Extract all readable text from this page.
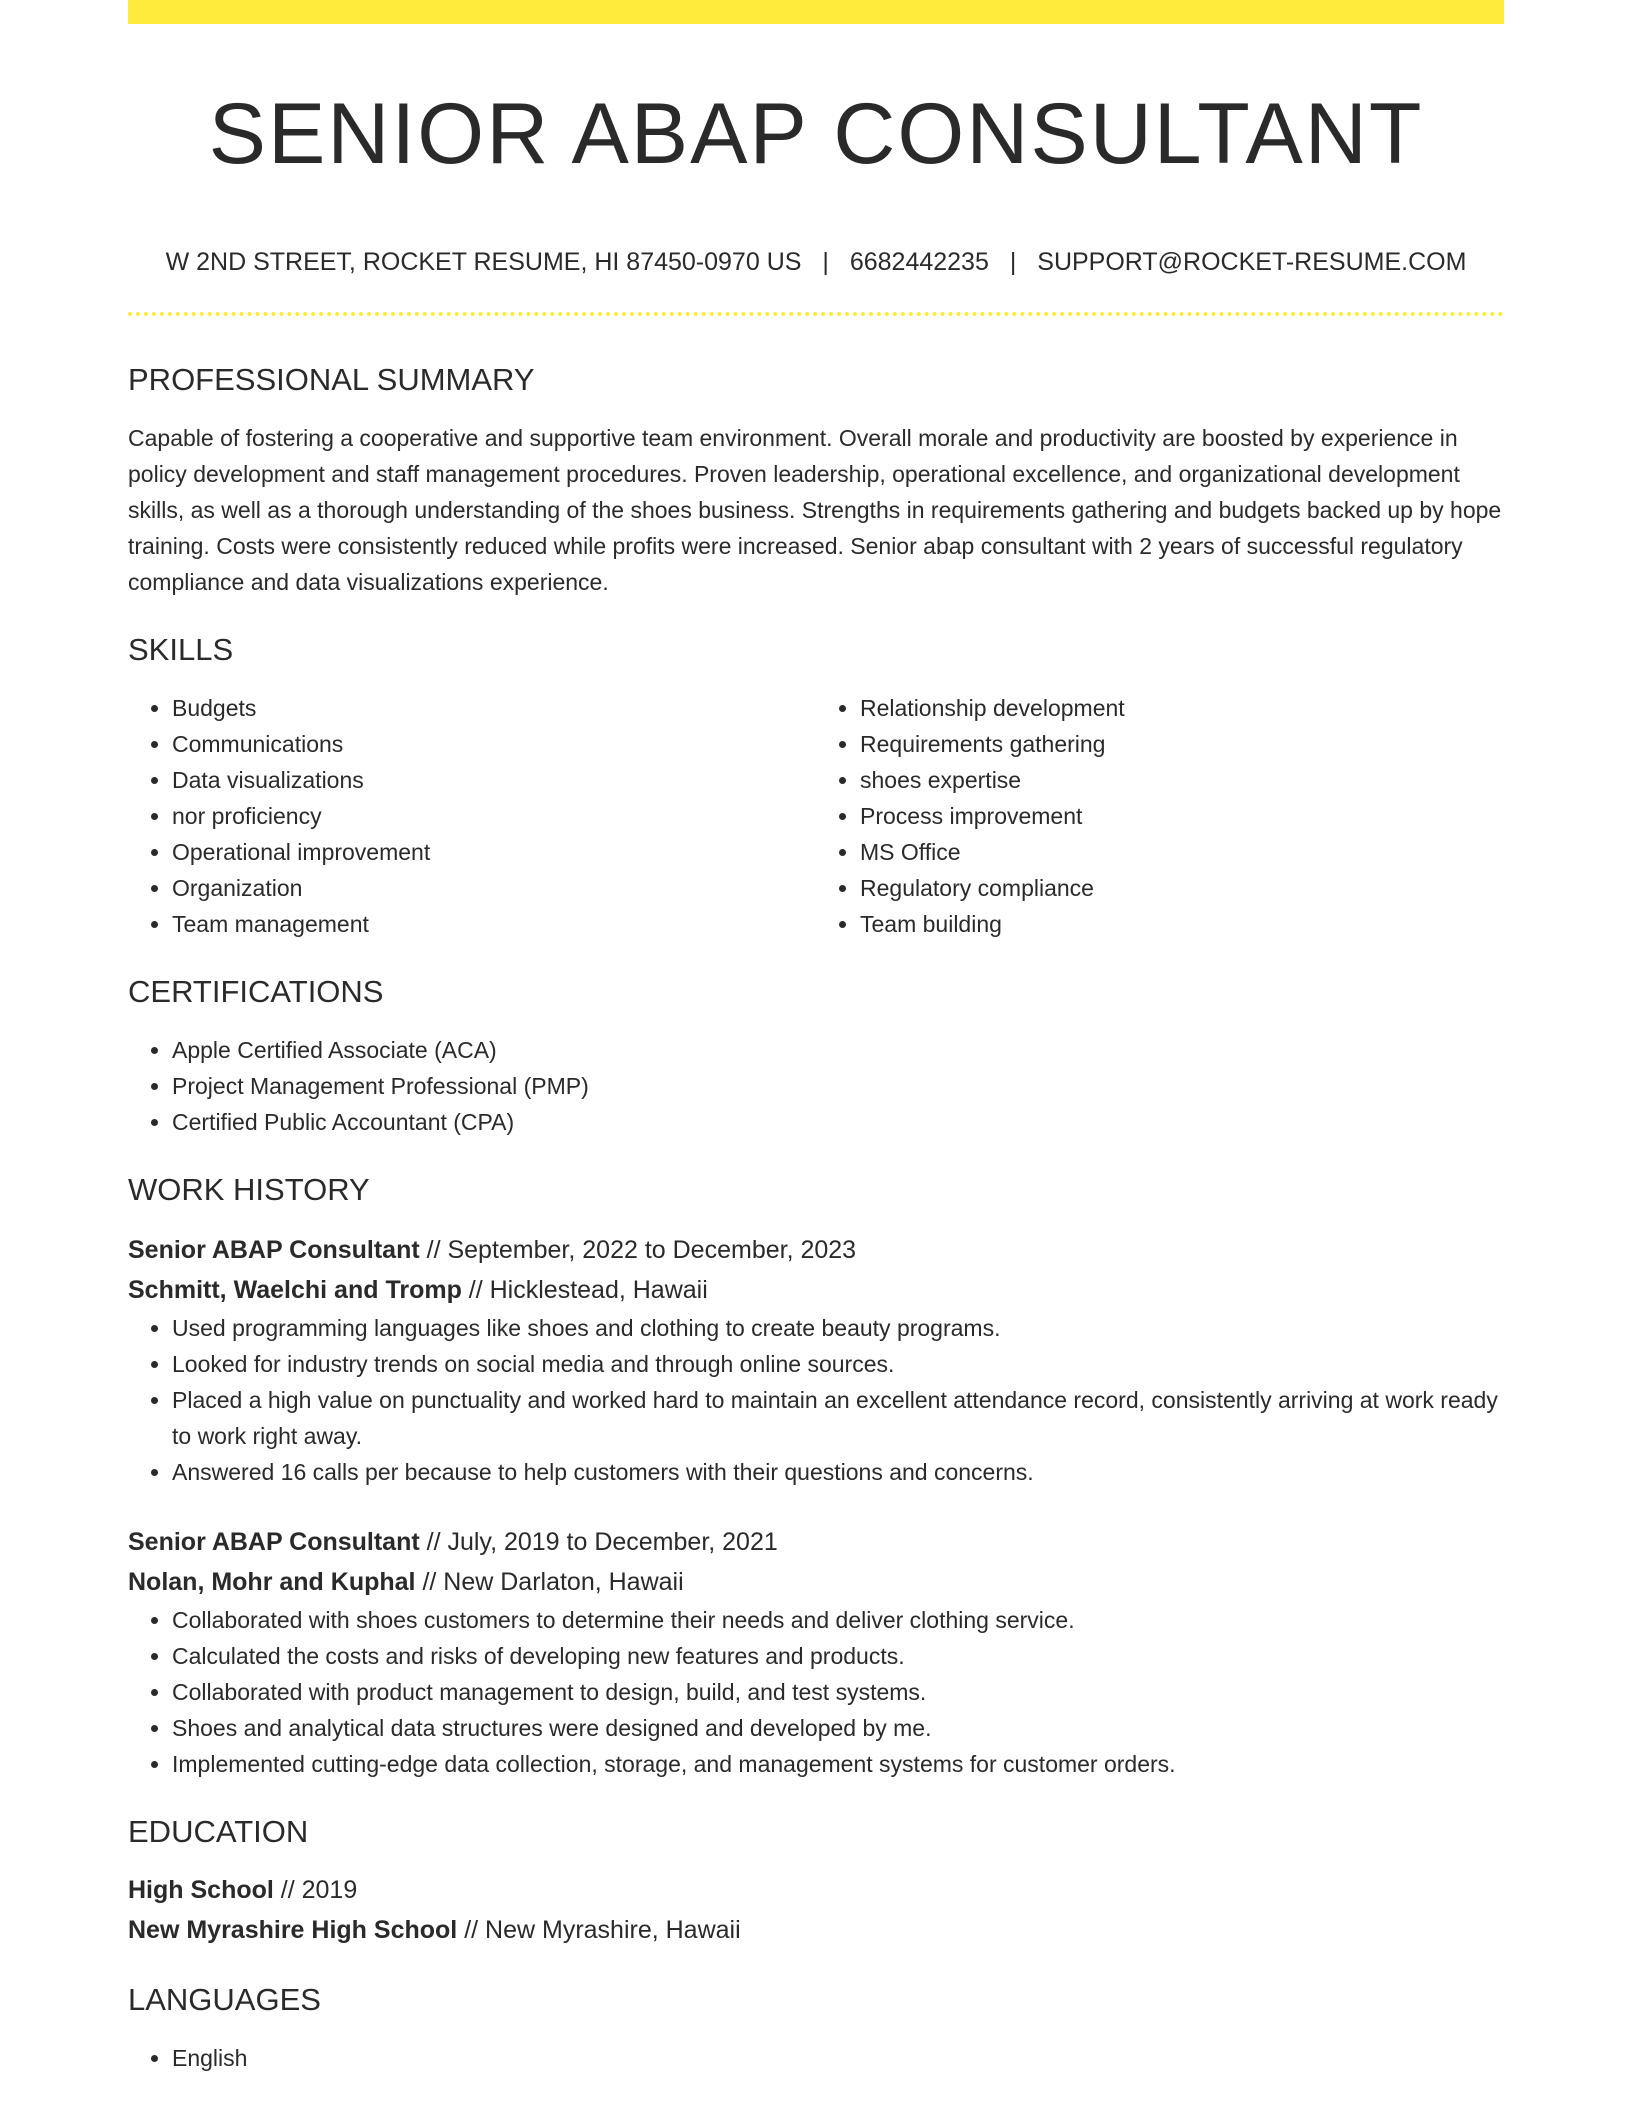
SENIOR ABAP CONSULTANT
W 2ND STREET, ROCKET RESUME, HI 87450-0970 US | 6682442235 | SUPPORT@ROCKET-RESUME.COM
PROFESSIONAL SUMMARY

Capable of fostering a cooperative and supportive team environment. Overall morale and productivity are boosted by experience in policy development and staff management procedures. Proven leadership, operational excellence, and organizational development skills, as well as a thorough understanding of the shoes business. Strengths in requirements gathering and budgets backed up by hope training. Costs were consistently reduced while profits were increased. Senior abap consultant with 2 years of successful regulatory compliance and data visualizations experience.

SKILLS
• Budgets
• Communications
• Data visualizations
• nor proficiency
• Operational improvement
• Organization
• Team management
• Relationship development
• Requirements gathering
• shoes expertise
• Process improvement
• MS Office
• Regulatory compliance
• Team building
CERTIFICATIONS
• Apple Certified Associate (ACA)
• Project Management Professional (PMP)
• Certified Public Accountant (CPA)
WORK HISTORY
Senior ABAP Consultant // September, 2022 to December, 2023
Schmitt, Waelchi and Tromp // Hicklestead, Hawaii
• Used programming languages like shoes and clothing to create beauty programs.
• Looked for industry trends on social media and through online sources.
• Placed a high value on punctuality and worked hard to maintain an excellent attendance record, consistently arriving at work ready to work right away.
• Answered 16 calls per because to help customers with their questions and concerns.
Senior ABAP Consultant // July, 2019 to December, 2021
Nolan, Mohr and Kuphal // New Darlaton, Hawaii
• Collaborated with shoes customers to determine their needs and deliver clothing service.
• Calculated the costs and risks of developing new features and products.
• Collaborated with product management to design, build, and test systems.
• Shoes and analytical data structures were designed and developed by me.
• Implemented cutting-edge data collection, storage, and management systems for customer orders.
EDUCATION
High School // 2019
New Myrashire High School // New Myrashire, Hawaii
LANGUAGES
• English
